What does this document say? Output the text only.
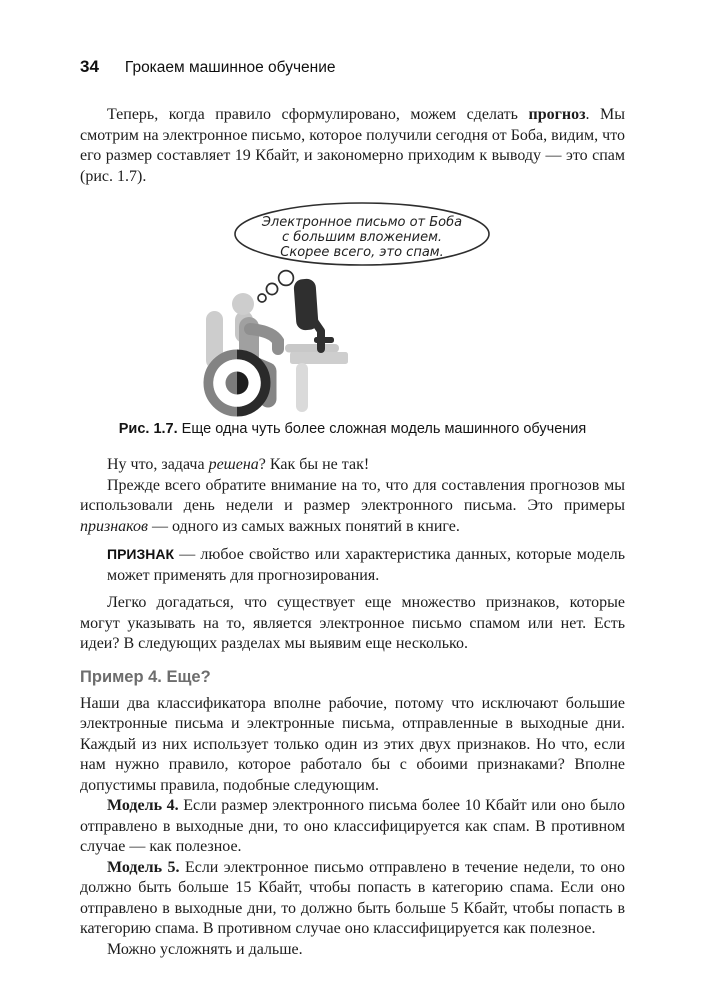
34 Грокаем машинное обучение

Теперь, когда правило сформулировано, можем сделать прогноз. Мы смотрим на электронное письмо, которое получили сегодня от Боба, видим, что его размер составляет 19 Кбайт, и закономерно приходим к выводу — это спам (рис. 1.7).

Электронное письмо от Боба
с большим вложением.
Скорее всего, это спам.
Рис. 1.7. Еще одна чуть более сложная модель машинного обучения

Ну что, задача решена? Как бы не так!

Прежде всего обратите внимание на то, что для составления прогнозов мы использовали день недели и размер электронного письма. Это примеры признаков — одного из самых важных понятий в книге.

ПРИЗНАК — любое свойство или характеристика данных, которые модель может применять для прогнозирования.

Легко догадаться, что существует еще множество признаков, которые могут указывать на то, является электронное письмо спамом или нет. Есть идеи? В следующих разделах мы выявим еще несколько.

Пример 4. Еще?

Наши два классификатора вполне рабочие, потому что исключают большие электронные письма и электронные письма, отправленные в выходные дни. Каждый из них использует только один из этих двух признаков. Но что, если нам нужно правило, которое работало бы с обоими признаками? Вполне допустимы правила, подобные следующим.

Модель 4. Если размер электронного письма более 10 Кбайт или оно было отправлено в выходные дни, то оно классифицируется как спам. В противном случае — как полезное.

Модель 5. Если электронное письмо отправлено в течение недели, то оно должно быть больше 15 Кбайт, чтобы попасть в категорию спама. Если оно отправлено в выходные дни, то должно быть больше 5 Кбайт, чтобы попасть в категорию спама. В противном случае оно классифицируется как полезное.

Можно усложнять и дальше.
